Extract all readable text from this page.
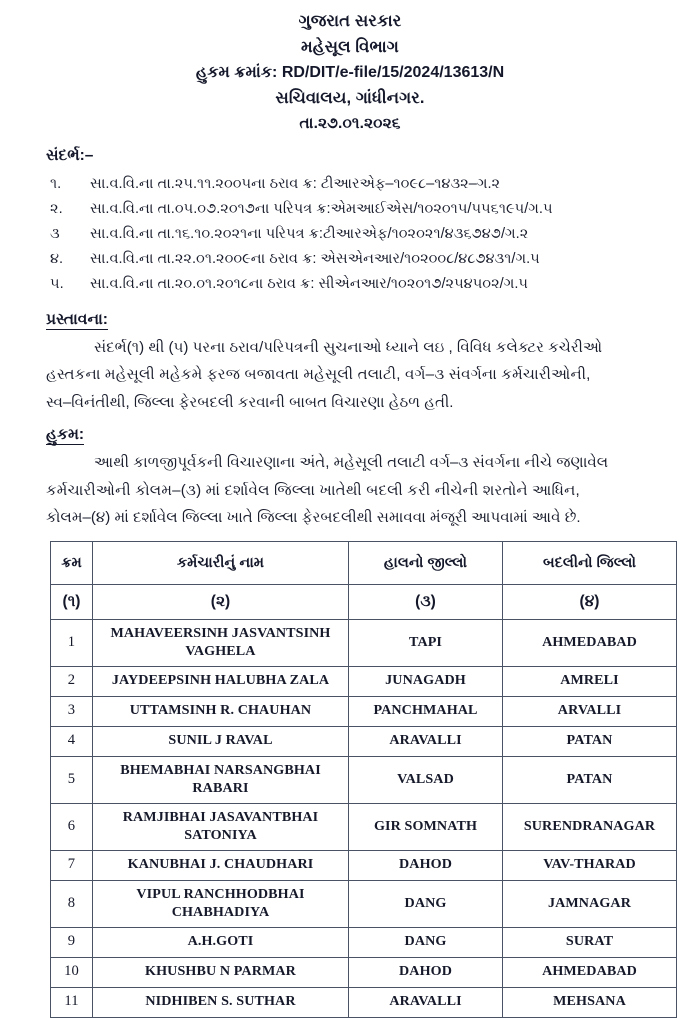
ગુજરાત સરકાર
મહેસૂલ વિભાગ
હુકમ ક્રમાંક: RD/DIT/e-file/15/2024/13613/N
સચિવાલય, ગાંધીનગર.
તા.૨૭.૦૧.૨૦૨૬
સંદર્ભ:–
૧.	સા.વ.વિ.ના તા.૨૫.૧૧.૨૦૦૫ના ઠરાવ ક્ર: ટીઆરએફ–૧૦૯૮–૧૪૩૨–ગ.૨
૨.	સા.વ.વિ.ના તા.૦૫.૦૭.૨૦૧૭ના પરિપત્ર ક્ર:એમઆઈએસ/૧૦૨૦૧૫/૫૫૬૧૯૫/ગ.૫
૩	સા.વ.વિ.ના તા.૧૬.૧૦.૨૦૨૧ના પરિપત્ર ક્ર:ટીઆરએફ/૧૦૨૦૨૧/૪૩૬૭૪૭/ગ.૨
૪.	સા.વ.વિ.ના તા.૨૨.૦૧.૨૦૦૯ના ઠરાવ ક્ર: એસએનઆર/૧૦૨૦૦૮/૪૮૭૪૩૧/ગ.૫
૫.	સા.વ.વિ.ના તા.૨૦.૦૧.૨૦૧૮ના ઠરાવ ક્ર: સીએનઆર/૧૦૨૦૧૭/૨૫૪૫૦૨/ગ.૫
પ્રસ્તાવના:
સંદર્ભ(૧) થી (૫) પરના ઠરાવ/પરિપત્રની સુચનાઓ ધ્યાને લઇ , વિવિધ કલેક્ટર કચેરીઓ
હસ્તકના મહેસૂલી મહેકમે ફરજ બજાવતા મહેસૂલી તલાટી, વર્ગ–૩ સંવર્ગના કર્મચારીઓની,
સ્વ–વિનંતીથી, જિલ્લા ફેરબદલી કરવાની બાબત વિચારણા હેઠળ હતી.
હુકમ:
આથી કાળજીપૂર્વકની વિચારણાના અંતે, મહેસૂલી તલાટી વર્ગ–૩ સંવર્ગના નીચે જણાવેલ
કર્મચારીઓની કોલમ–(૩) માં દર્શાવેલ જિલ્લા ખાતેથી બદલી કરી નીચેની શરતોને આધિન,
કોલમ–(૪) માં દર્શાવેલ જિલ્લા ખાતે જિલ્લા ફેરબદલીથી સમાવવા મંજૂરી આપવામાં આવે છે.
ક્રમ	કર્મચારીનું નામ	હાલનો જીલ્લો	બદલીનો જિલ્લો
(૧)	(૨)	(૩)	(૪)
1	MAHAVEERSINH JASVANTSINH
VAGHELA	TAPI	AHMEDABAD
2	JAYDEEPSINH HALUBHA ZALA	JUNAGADH	AMRELI
3	UTTAMSINH R. CHAUHAN	PANCHMAHAL	ARVALLI
4	SUNIL J RAVAL	ARAVALLI	PATAN
5	BHEMABHAI NARSANGBHAI
RABARI	VALSAD	PATAN
6	RAMJIBHAI JASAVANTBHAI
SATONIYA	GIR SOMNATH	SURENDRANAGAR
7	KANUBHAI J. CHAUDHARI	DAHOD	VAV-THARAD
8	VIPUL RANCHHODBHAI
CHABHADIYA	DANG	JAMNAGAR
9	A.H.GOTI	DANG	SURAT
10	KHUSHBU N PARMAR	DAHOD	AHMEDABAD
11	NIDHIBEN S. SUTHAR	ARAVALLI	MEHSANA
